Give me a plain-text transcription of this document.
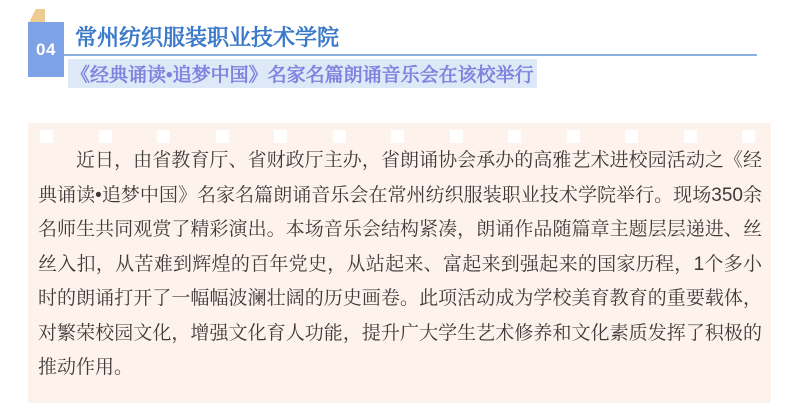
04 常州纺织服装职业技术学院
《经典诵读•追梦中国》名家名篇朗诵音乐会在该校举行

近日，由省教育厅、省财政厅主办，省朗诵协会承办的高雅艺术进校园活动之《经典诵读•追梦中国》名家名篇朗诵音乐会在常州纺织服装职业技术学院举行。现场350余名师生共同观赏了精彩演出。本场音乐会结构紧凑，朗诵作品随篇章主题层层递进、丝丝入扣，从苦难到辉煌的百年党史，从站起来、富起来到强起来的国家历程，1个多小时的朗诵打开了一幅幅波澜壮阔的历史画卷。此项活动成为学校美育教育的重要载体，对繁荣校园文化，增强文化育人功能，提升广大学生艺术修养和文化素质发挥了积极的推动作用。
